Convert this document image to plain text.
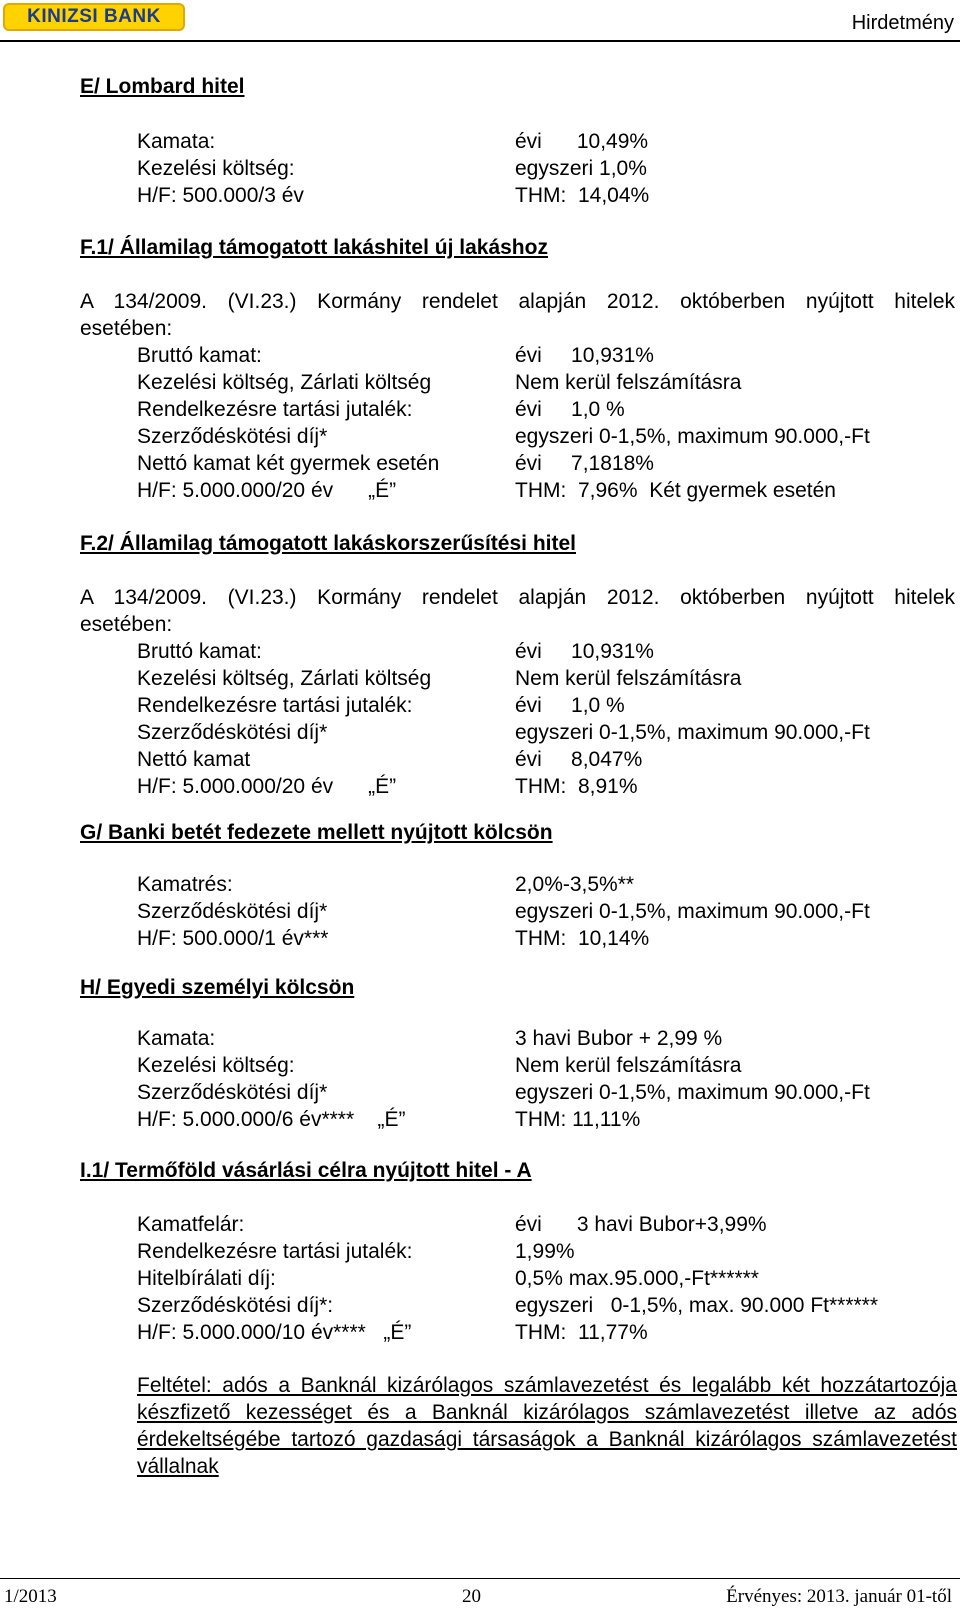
KINIZSI BANK	Hirdetmény
E/ Lombard hitel
Kamata:	évi      10,49%
Kezelési költség:	egyszeri 1,0%
H/F: 500.000/3 év	THM:  14,04%
F.1/ Államilag támogatott lakáshitel új lakáshoz
A 134/2009. (VI.23.) Kormány rendelet alapján 2012. októberben nyújtott hitelek
esetében:
Bruttó kamat:	évi     10,931%
Kezelési költség, Zárlati költség	Nem kerül felszámításra
Rendelkezésre tartási jutalék:	évi     1,0 %
Szerződéskötési díj*	egyszeri 0-1,5%, maximum 90.000,-Ft
Nettó kamat két gyermek esetén	évi     7,1818%
H/F: 5.000.000/20 év      „É”	THM:  7,96%  Két gyermek esetén
F.2/ Államilag támogatott lakáskorszerűsítési hitel
A 134/2009. (VI.23.) Kormány rendelet alapján 2012. októberben nyújtott hitelek
esetében:
Bruttó kamat:	évi     10,931%
Kezelési költség, Zárlati költség	Nem kerül felszámításra
Rendelkezésre tartási jutalék:	évi     1,0 %
Szerződéskötési díj*	egyszeri 0-1,5%, maximum 90.000,-Ft
Nettó kamat	évi     8,047%
H/F: 5.000.000/20 év      „É”	THM:  8,91%
G/ Banki betét fedezete mellett nyújtott kölcsön
Kamatrés:	2,0%-3,5%**
Szerződéskötési díj*	egyszeri 0-1,5%, maximum 90.000,-Ft
H/F: 500.000/1 év***	THM:  10,14%
H/ Egyedi személyi kölcsön
Kamata:	3 havi Bubor + 2,99 %
Kezelési költség:	Nem kerül felszámításra
Szerződéskötési díj*	egyszeri 0-1,5%, maximum 90.000,-Ft
H/F: 5.000.000/6 év****    „É”	THM: 11,11%
I.1/ Termőföld vásárlási célra nyújtott hitel - A
Kamatfelár:	évi      3 havi Bubor+3,99%
Rendelkezésre tartási jutalék:	1,99%
Hitelbírálati díj:	0,5% max.95.000,-Ft******
Szerződéskötési díj*:	egyszeri   0-1,5%, max. 90.000 Ft******
H/F: 5.000.000/10 év****   „É”	THM:  11,77%
Feltétel: adós a Banknál kizárólagos számlavezetést és legalább két hozzátartozója készfizető kezességet és a Banknál kizárólagos számlavezetést illetve az adós érdekeltségébe tartozó gazdasági társaságok a Banknál kizárólagos számlavezetést vállalnak
1/2013	20	Érvényes: 2013. január 01-től
